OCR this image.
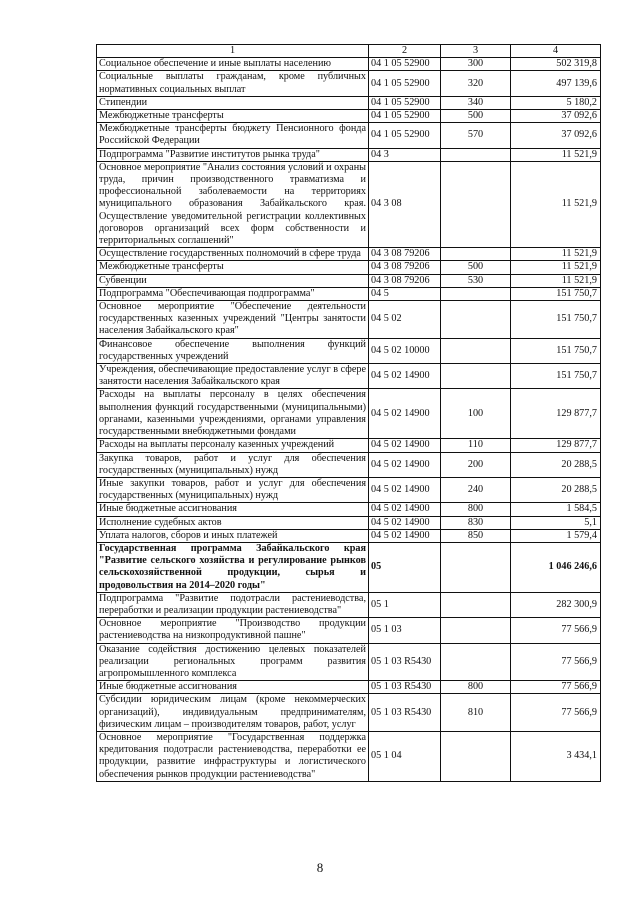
1	2	3	4
Социальное обеспечение и иные выплаты населению	04 1 05 52900	300	502 319,8
Социальные выплаты гражданам, кроме публичных нормативных социальных выплат	04 1 05 52900	320	497 139,6
Стипендии	04 1 05 52900	340	5 180,2
Межбюджетные трансферты	04 1 05 52900	500	37 092,6
Межбюджетные трансферты бюджету Пенсионного фонда Российской Федерации	04 1 05 52900	570	37 092,6
Подпрограмма "Развитие институтов рынка труда"	04 3		11 521,9
Основное мероприятие "Анализ состояния условий и охраны труда, причин производственного травматизма и профессиональной заболеваемости на территориях муниципального образования Забайкальского края. Осуществление уведомительной регистрации коллективных договоров организаций всех форм собственности и территориальных соглашений"	04 3 08		11 521,9
Осуществление государственных полномочий в сфере труда	04 3 08 79206		11 521,9
Межбюджетные трансферты	04 3 08 79206	500	11 521,9
Субвенции	04 3 08 79206	530	11 521,9
Подпрограмма "Обеспечивающая подпрограмма"	04 5		151 750,7
Основное мероприятие "Обеспечение деятельности государственных казенных учреждений "Центры занятости населения Забайкальского края"	04 5 02		151 750,7
Финансовое обеспечение выполнения функций государственных учреждений	04 5 02 10000		151 750,7
Учреждения, обеспечивающие предоставление услуг в сфере занятости населения Забайкальского края	04 5 02 14900		151 750,7
Расходы на выплаты персоналу в целях обеспечения выполнения функций государственными (муниципальными) органами, казенными учреждениями, органами управления государственными внебюджетными фондами	04 5 02 14900	100	129 877,7
Расходы на выплаты персоналу казенных учреждений	04 5 02 14900	110	129 877,7
Закупка товаров, работ и услуг для обеспечения государственных (муниципальных) нужд	04 5 02 14900	200	20 288,5
Иные закупки товаров, работ и услуг для обеспечения государственных (муниципальных) нужд	04 5 02 14900	240	20 288,5
Иные бюджетные ассигнования	04 5 02 14900	800	1 584,5
Исполнение судебных актов	04 5 02 14900	830	5,1
Уплата налогов, сборов и иных платежей	04 5 02 14900	850	1 579,4
Государственная программа Забайкальского края "Развитие сельского хозяйства и регулирование рынков сельскохозяйственной продукции, сырья и продовольствия на 2014–2020 годы"	05		1 046 246,6
Подпрограмма "Развитие подотрасли растениеводства, переработки и реализации продукции растениеводства"	05 1		282 300,9
Основное мероприятие "Производство продукции растениеводства на низкопродуктивной пашне"	05 1 03		77 566,9
Оказание содействия достижению целевых показателей реализации региональных программ развития агропромышленного комплекса	05 1 03 R5430		77 566,9
Иные бюджетные ассигнования	05 1 03 R5430	800	77 566,9
Субсидии юридическим лицам (кроме некоммерческих организаций), индивидуальным предпринимателям, физическим лицам – производителям товаров, работ, услуг	05 1 03 R5430	810	77 566,9
Основное мероприятие "Государственная поддержка кредитования подотрасли растениеводства, переработки ее продукции, развитие инфраструктуры и логистического обеспечения рынков продукции растениеводства"	05 1 04		3 434,1
8
